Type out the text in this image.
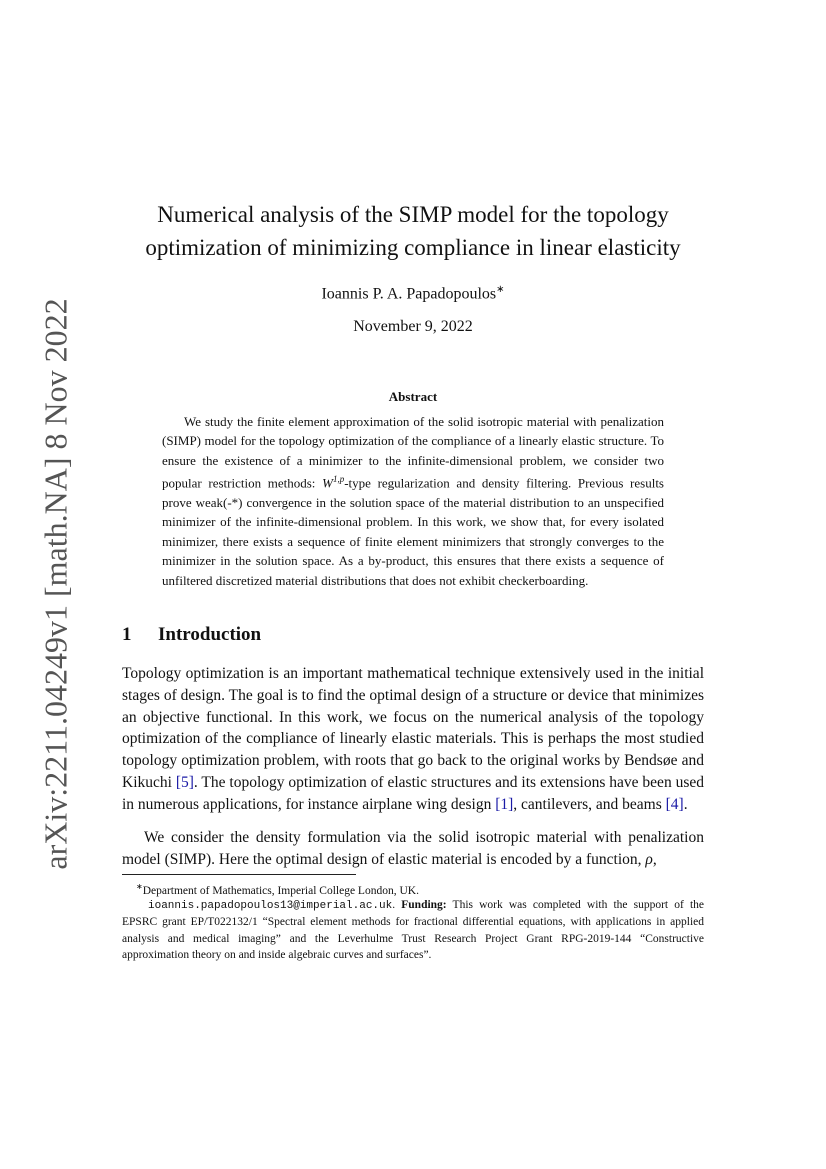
arXiv:2211.04249v1 [math.NA] 8 Nov 2022
Numerical analysis of the SIMP model for the topology optimization of minimizing compliance in linear elasticity
Ioannis P. A. Papadopoulos∗
November 9, 2022
Abstract

We study the finite element approximation of the solid isotropic material with penalization (SIMP) model for the topology optimization of the compliance of a linearly elastic structure. To ensure the existence of a minimizer to the infinite-dimensional problem, we consider two popular restriction methods: W$^{1,p}$-type regularization and density filtering. Previous results prove weak(-*) convergence in the solution space of the material distribution to an unspecified minimizer of the infinite-dimensional problem. In this work, we show that, for every isolated minimizer, there exists a sequence of finite element minimizers that strongly converges to the minimizer in the solution space. As a by-product, this ensures that there exists a sequence of unfiltered discretized material distributions that does not exhibit checkerboarding.

1 Introduction

Topology optimization is an important mathematical technique extensively used in the initial stages of design. The goal is to find the optimal design of a structure or device that minimizes an objective functional. In this work, we focus on the numerical analysis of the topology optimization of the compliance of linearly elastic materials. This is perhaps the most studied topology optimization problem, with roots that go back to the original works by Bendsøe and Kikuchi [5]. The topology optimization of elastic structures and its extensions have been used in numerous applications, for instance airplane wing design [1], cantilevers, and beams [4].

We consider the density formulation via the solid isotropic material with penalization model (SIMP). Here the optimal design of elastic material is encoded by a function, ρ,

∗Department of Mathematics, Imperial College London, UK.

ioannis.papadopoulos13@imperial.ac.uk. Funding: This work was completed with the support of the EPSRC grant EP/T022132/1 “Spectral element methods for fractional differential equations, with applications in applied analysis and medical imaging” and the Leverhulme Trust Research Project Grant RPG-2019-144 “Constructive approximation theory on and inside algebraic curves and surfaces”.
